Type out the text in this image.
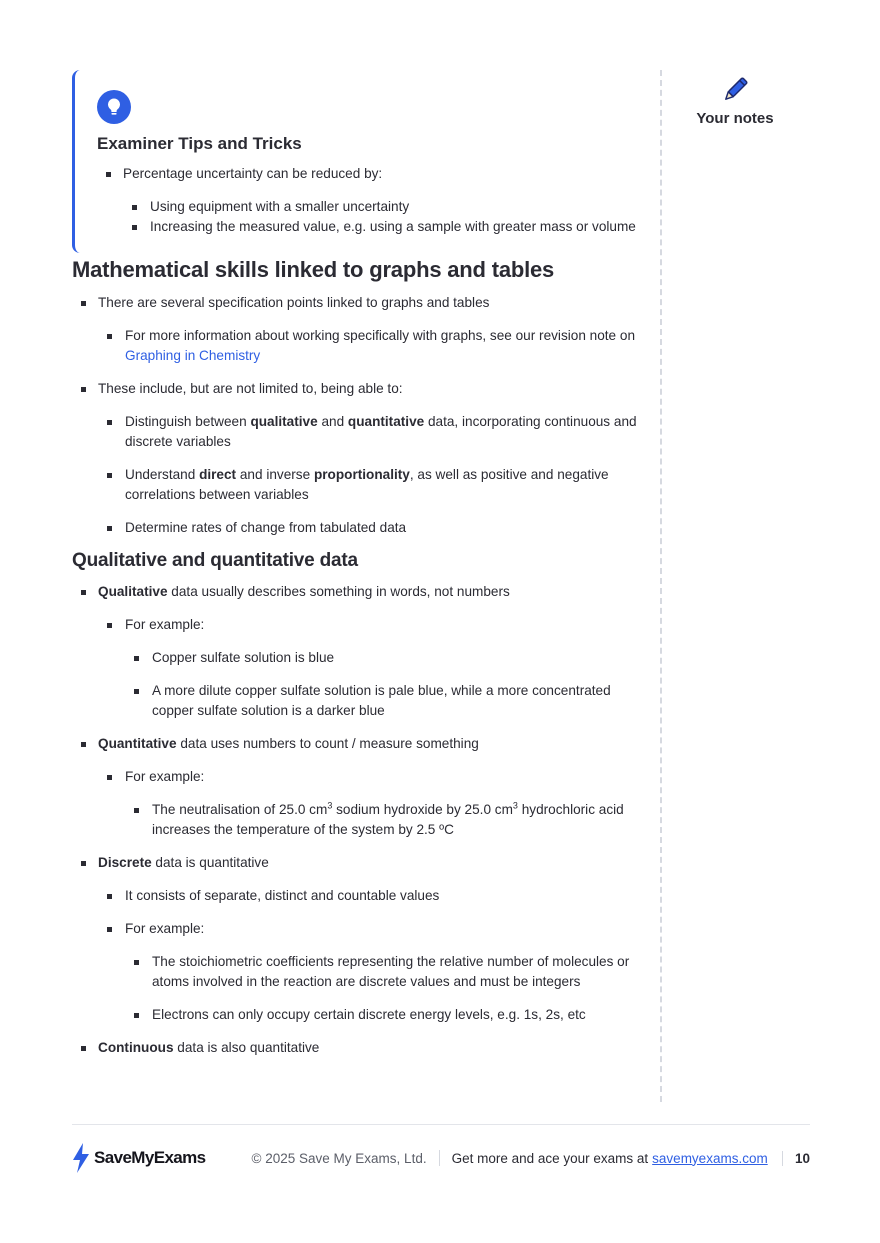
Examiner Tips and Tricks
Percentage uncertainty can be reduced by:
Using equipment with a smaller uncertainty
Increasing the measured value, e.g. using a sample with greater mass or volume
Mathematical skills linked to graphs and tables
There are several specification points linked to graphs and tables
For more information about working specifically with graphs, see our revision note on Graphing in Chemistry
These include, but are not limited to, being able to:
Distinguish between qualitative and quantitative data, incorporating continuous and discrete variables
Understand direct and inverse proportionality, as well as positive and negative correlations between variables
Determine rates of change from tabulated data
Qualitative and quantitative data
Qualitative data usually describes something in words, not numbers
For example:
Copper sulfate solution is blue
A more dilute copper sulfate solution is pale blue, while a more concentrated copper sulfate solution is a darker blue
Quantitative data uses numbers to count / measure something
For example:
The neutralisation of 25.0 $cm^3$ sodium hydroxide by 25.0 $cm^3$ hydrochloric acid increases the temperature of the system by 2.5 ºC
Discrete data is quantitative
It consists of separate, distinct and countable values
For example:
The stoichiometric coefficients representing the relative number of molecules or atoms involved in the reaction are discrete values and must be integers
Electrons can only occupy certain discrete energy levels, e.g. 1s, 2s, etc
Continuous data is also quantitative
Your notes
SaveMyExams	© 2025 Save My Exams, Ltd. Get more and ace your exams at savemyexams.com	10
